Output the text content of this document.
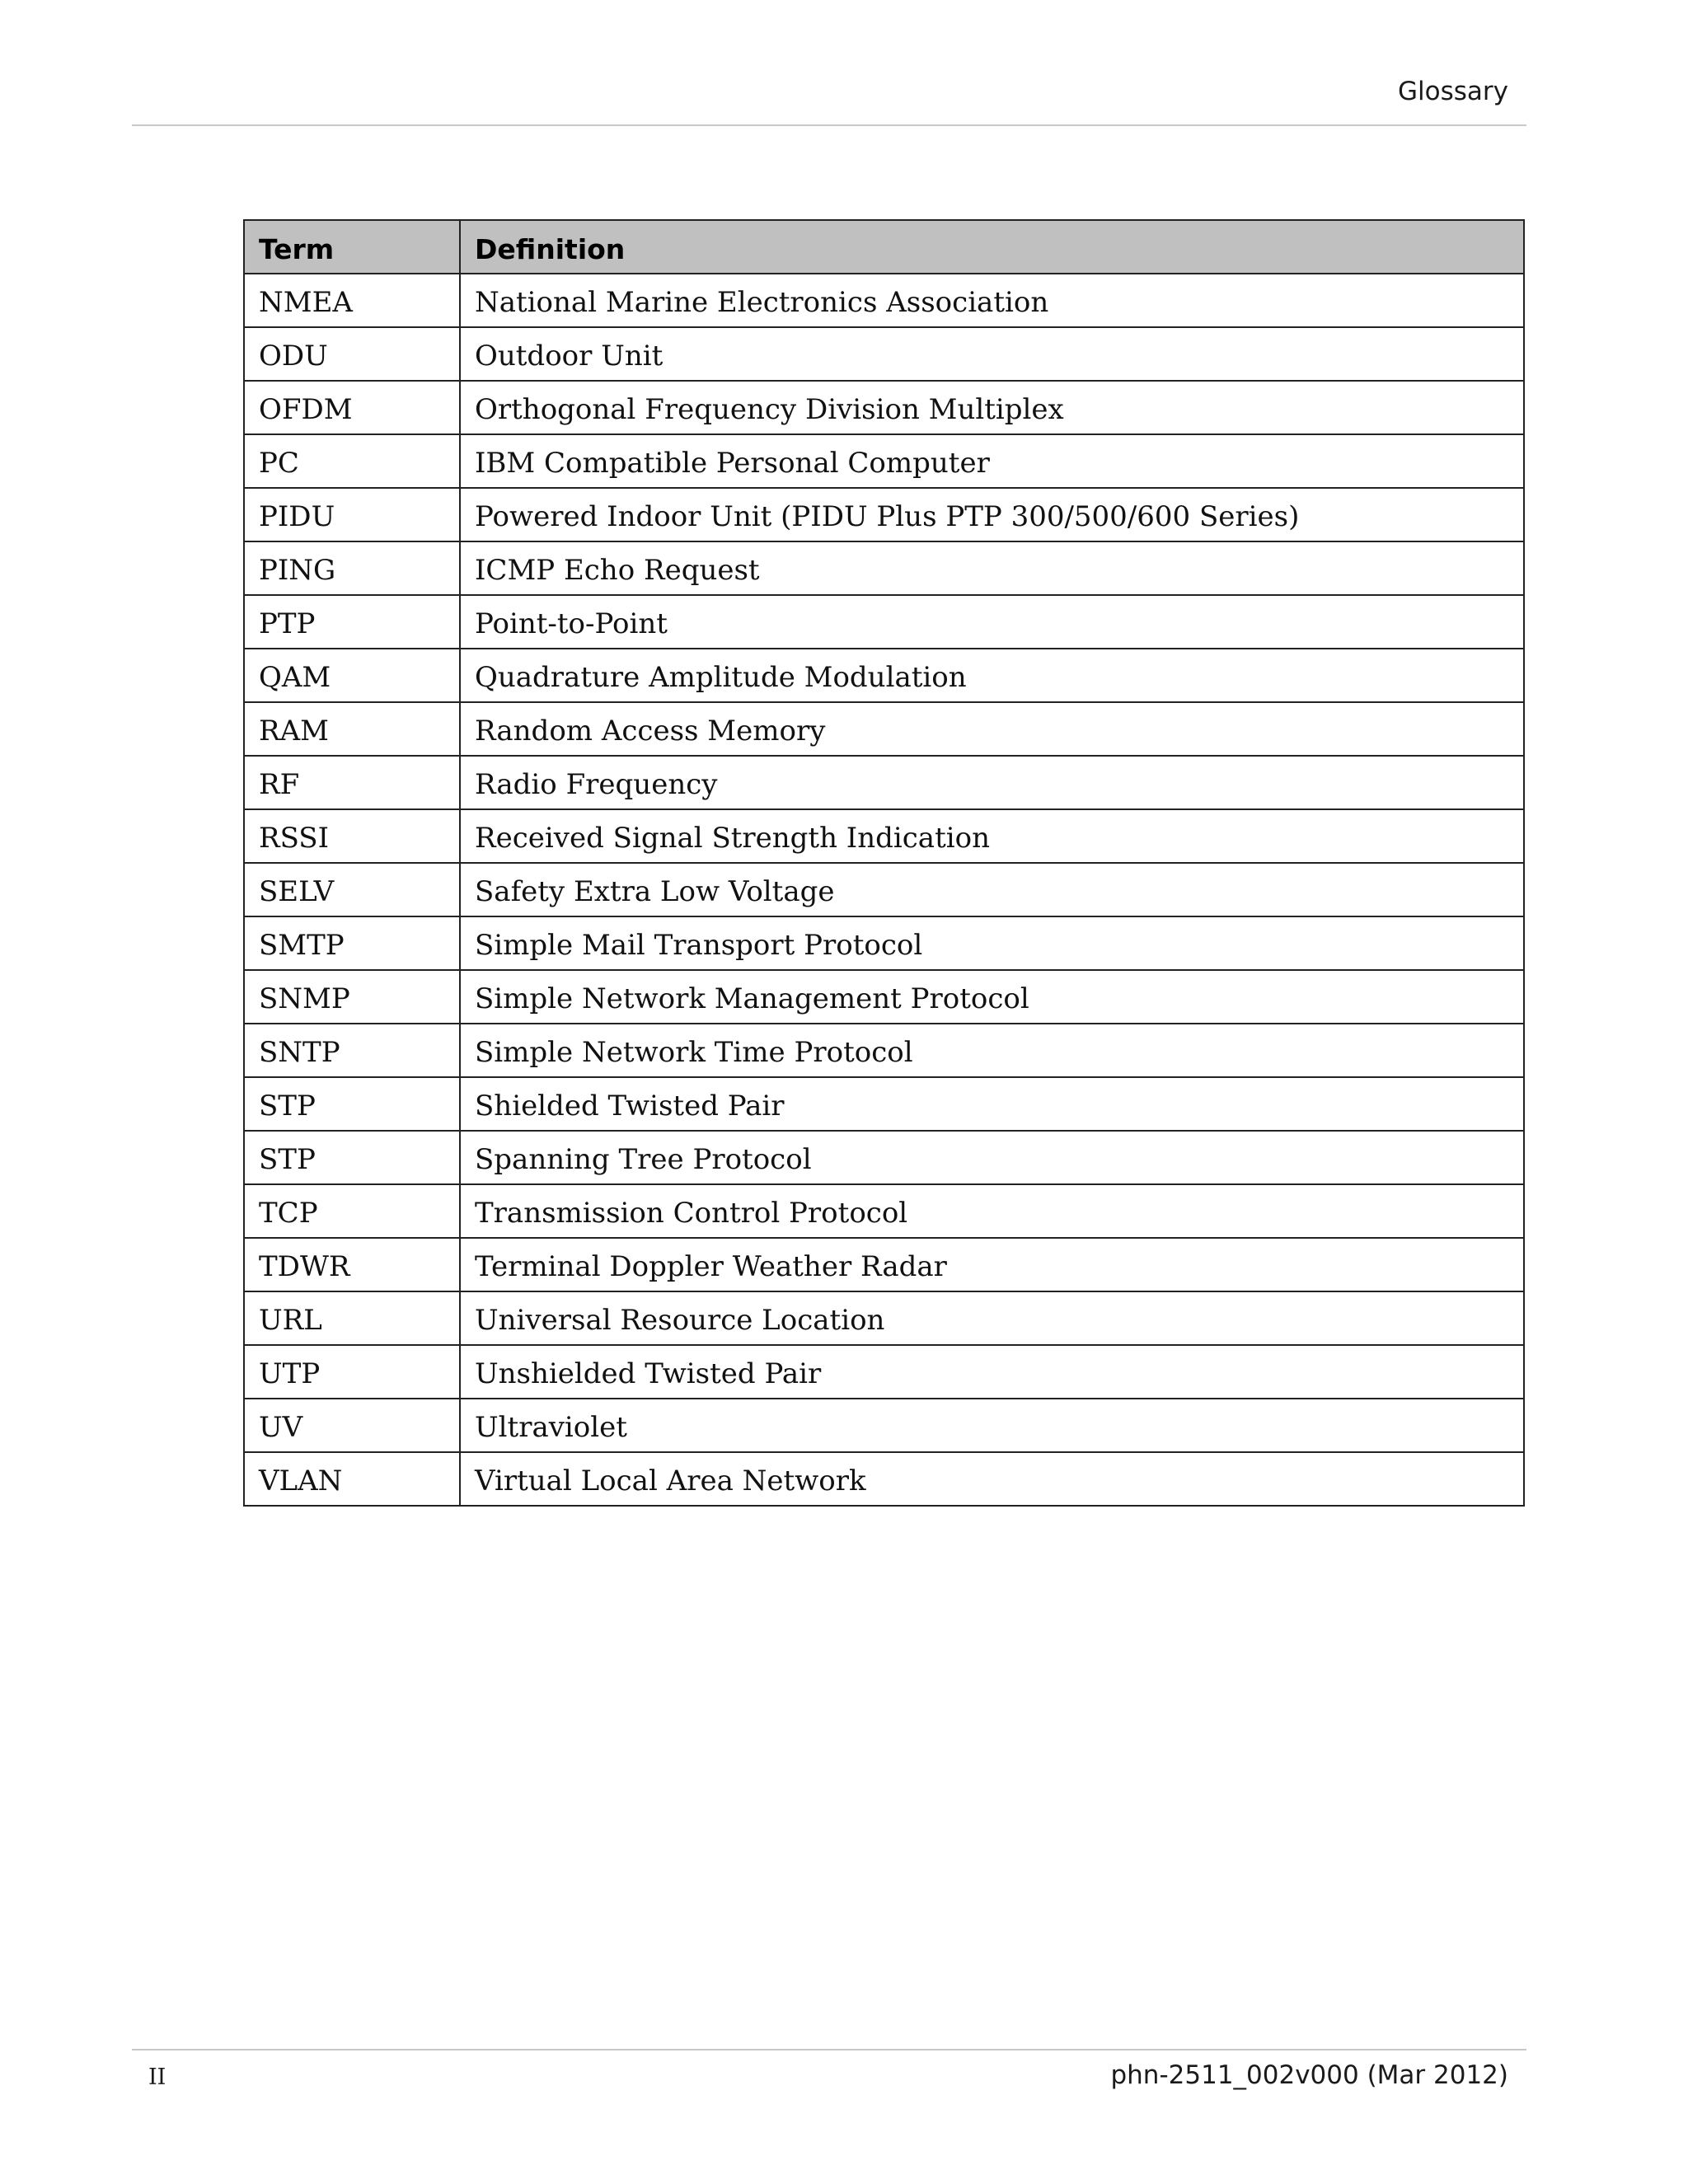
Glossary
Term	Definition
NMEA	National Marine Electronics Association
ODU	Outdoor Unit
OFDM	Orthogonal Frequency Division Multiplex
PC	IBM Compatible Personal Computer
PIDU	Powered Indoor Unit (PIDU Plus PTP 300/500/600 Series)
PING	ICMP Echo Request
PTP	Point-to-Point
QAM	Quadrature Amplitude Modulation
RAM	Random Access Memory
RF	Radio Frequency
RSSI	Received Signal Strength Indication
SELV	Safety Extra Low Voltage
SMTP	Simple Mail Transport Protocol
SNMP	Simple Network Management Protocol
SNTP	Simple Network Time Protocol
STP	Shielded Twisted Pair
STP	Spanning Tree Protocol
TCP	Transmission Control Protocol
TDWR	Terminal Doppler Weather Radar
URL	Universal Resource Location
UTP	Unshielded Twisted Pair
UV	Ultraviolet
VLAN	Virtual Local Area Network
II	phn-2511_002v000 (Mar 2012)
